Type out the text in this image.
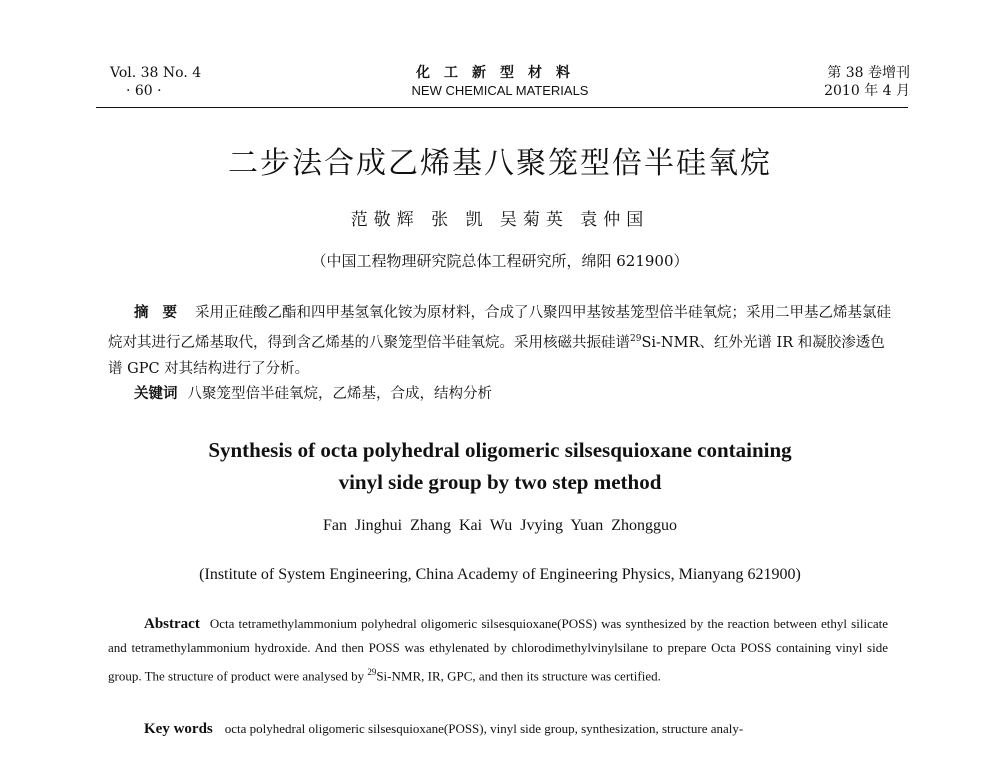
Vol. 38 No. 4
· 60 ·
化工新型材料
NEW CHEMICAL MATERIALS
第 38 卷增刊
2010 年 4 月
二步法合成乙烯基八聚笼型倍半硅氧烷
范敬辉 张 凯 吴菊英 袁仲国
（中国工程物理研究院总体工程研究所，绵阳 621900）
摘要 采用正硅酸乙酯和四甲基氢氧化铵为原材料，合成了八聚四甲基铵基笼型倍半硅氧烷；采用二甲基乙烯基氯硅烷对其进行乙烯基取代，得到含乙烯基的八聚笼型倍半硅氧烷。采用核磁共振硅谱$^{29}$Si-NMR、红外光谱 IR 和凝胶渗透色谱 GPC 对其结构进行了分析。
关键词 八聚笼型倍半硅氧烷，乙烯基，合成，结构分析
Synthesis of octa polyhedral oligomeric silsesquioxane containing
vinyl side group by two step method
Fan Jinghui Zhang Kai Wu Jvying Yuan Zhongguo
(Institute of System Engineering, China Academy of Engineering Physics, Mianyang 621900)
Abstract Octa tetramethylammonium polyhedral oligomeric silsesquioxane(POSS) was synthesized by the reaction between ethyl silicate and tetramethylammonium hydroxide. And then POSS was ethylenated by chlorodimethylvinylsilane to prepare Octa POSS containing vinyl side group. The structure of product were analysed by $^{29}$Si-NMR, IR, GPC, and then its structure was certified.
Key words octa polyhedral oligomeric silsesquioxane(POSS), vinyl side group, synthesization, structure analy-
